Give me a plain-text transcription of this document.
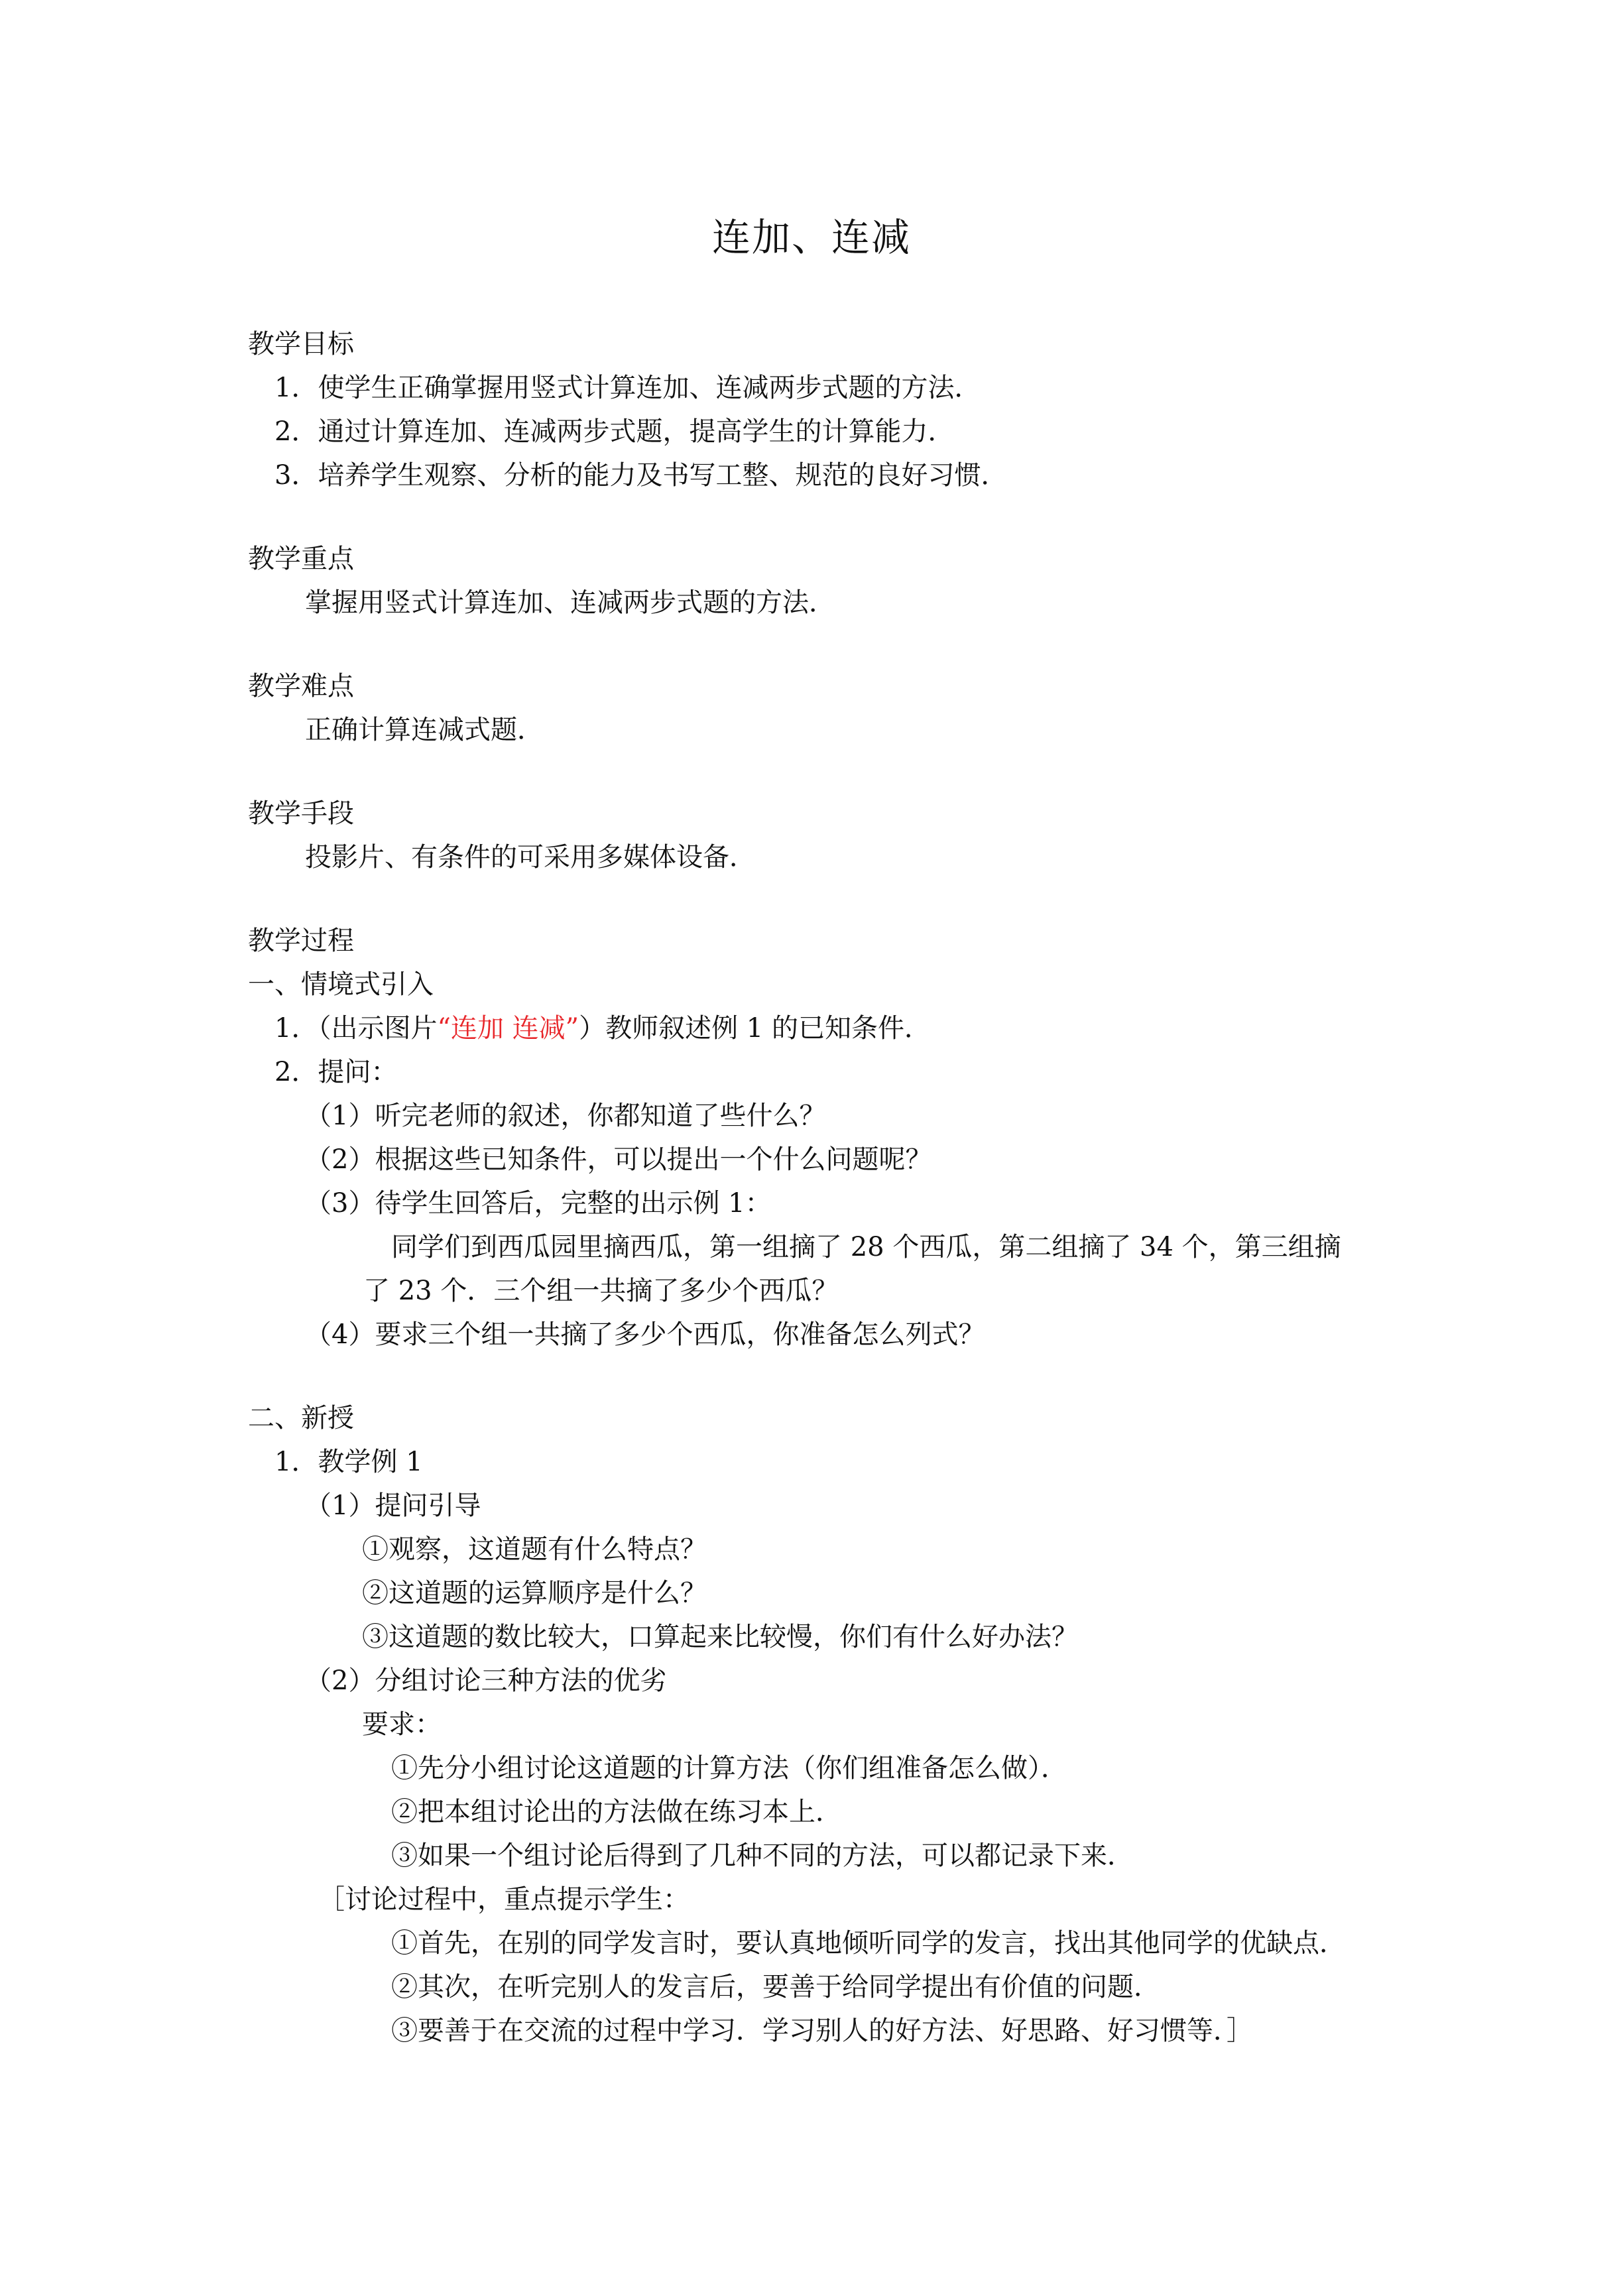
连加、连减
教学目标
1．使学生正确掌握用竖式计算连加、连减两步式题的方法．
2．通过计算连加、连减两步式题，提高学生的计算能力．
3．培养学生观察、分析的能力及书写工整、规范的良好习惯．
教学重点
掌握用竖式计算连加、连减两步式题的方法．
教学难点
正确计算连减式题．
教学手段
投影片、有条件的可采用多媒体设备．
教学过程
一、情境式引入
1．（出示图片“连加 连减”）教师叙述例 1 的已知条件．
2．提问：
（1）听完老师的叙述，你都知道了些什么？
（2）根据这些已知条件，可以提出一个什么问题呢？
（3）待学生回答后，完整的出示例 1：
同学们到西瓜园里摘西瓜，第一组摘了 28 个西瓜，第二组摘了 34 个，第三组摘
了 23 个．三个组一共摘了多少个西瓜？
（4）要求三个组一共摘了多少个西瓜，你准备怎么列式？
二、新授
1．教学例 1
（1）提问引导
①观察，这道题有什么特点？
②这道题的运算顺序是什么？
③这道题的数比较大，口算起来比较慢，你们有什么好办法？
（2）分组讨论三种方法的优劣
要求：
①先分小组讨论这道题的计算方法（你们组准备怎么做）．
②把本组讨论出的方法做在练习本上．
③如果一个组讨论后得到了几种不同的方法，可以都记录下来．
［讨论过程中，重点提示学生：
①首先，在别的同学发言时，要认真地倾听同学的发言，找出其他同学的优缺点．
②其次，在听完别人的发言后，要善于给同学提出有价值的问题．
③要善于在交流的过程中学习．学习别人的好方法、好思路、好习惯等．］
